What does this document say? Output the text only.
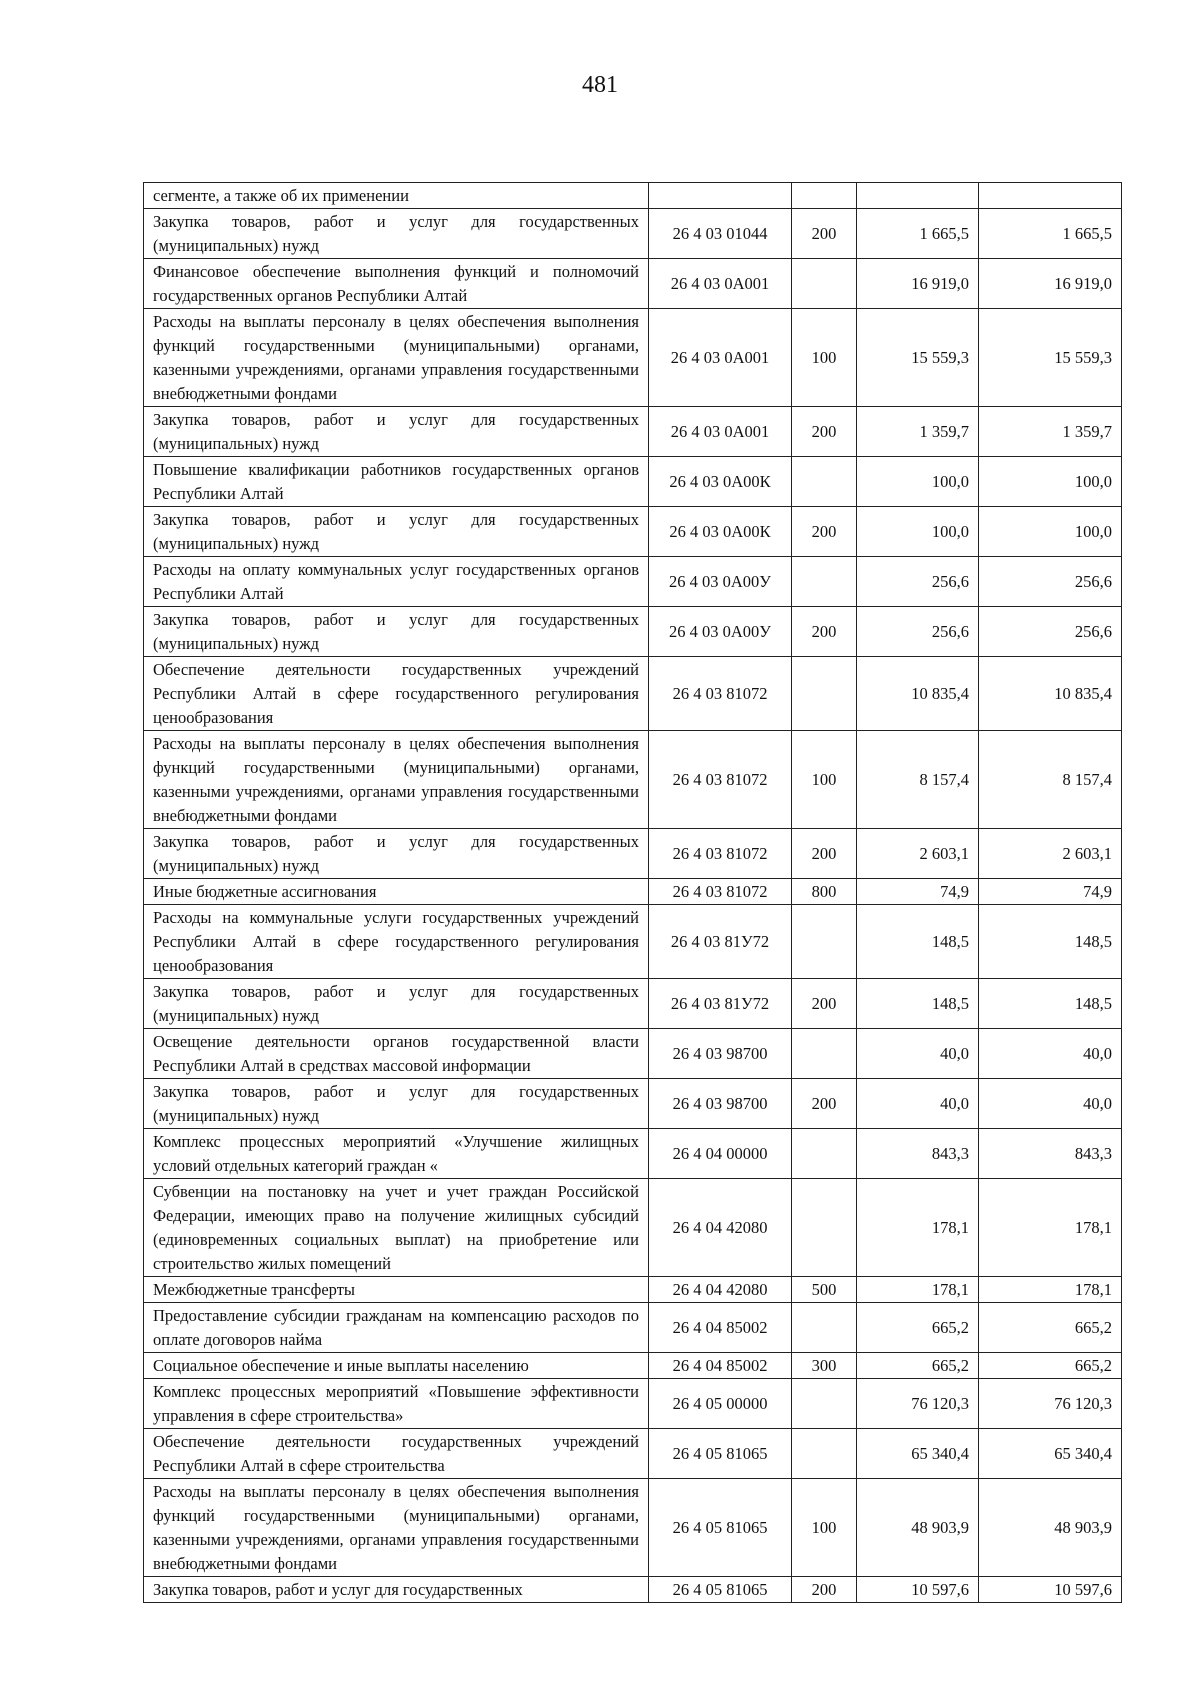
481
сегменте, а также об их применении				
Закупка товаров, работ и услуг для государственных (муниципальных) нужд	26 4 03 01044	200	1 665,5	1 665,5
Финансовое обеспечение выполнения функций и полномочий государственных органов Республики Алтай	26 4 03 0А001		16 919,0	16 919,0
Расходы на выплаты персоналу в целях обеспечения выполнения функций государственными (муниципальными) органами, казенными учреждениями, органами управления государственными внебюджетными фондами	26 4 03 0А001	100	15 559,3	15 559,3
Закупка товаров, работ и услуг для государственных (муниципальных) нужд	26 4 03 0А001	200	1 359,7	1 359,7
Повышение квалификации работников государственных органов Республики Алтай	26 4 03 0А00К		100,0	100,0
Закупка товаров, работ и услуг для государственных (муниципальных) нужд	26 4 03 0А00К	200	100,0	100,0
Расходы на оплату коммунальных услуг государственных органов Республики Алтай	26 4 03 0А00У		256,6	256,6
Закупка товаров, работ и услуг для государственных (муниципальных) нужд	26 4 03 0А00У	200	256,6	256,6
Обеспечение деятельности государственных учреждений Республики Алтай в сфере государственного регулирования ценообразования	26 4 03 81072		10 835,4	10 835,4
Расходы на выплаты персоналу в целях обеспечения выполнения функций государственными (муниципальными) органами, казенными учреждениями, органами управления государственными внебюджетными фондами	26 4 03 81072	100	8 157,4	8 157,4
Закупка товаров, работ и услуг для государственных (муниципальных) нужд	26 4 03 81072	200	2 603,1	2 603,1
Иные бюджетные ассигнования	26 4 03 81072	800	74,9	74,9
Расходы на коммунальные услуги государственных учреждений Республики Алтай в сфере государственного регулирования ценообразования	26 4 03 81У72		148,5	148,5
Закупка товаров, работ и услуг для государственных (муниципальных) нужд	26 4 03 81У72	200	148,5	148,5
Освещение деятельности органов государственной власти Республики Алтай в средствах массовой информации	26 4 03 98700		40,0	40,0
Закупка товаров, работ и услуг для государственных (муниципальных) нужд	26 4 03 98700	200	40,0	40,0
Комплекс процессных мероприятий «Улучшение жилищных условий отдельных категорий граждан «	26 4 04 00000		843,3	843,3
Субвенции на постановку на учет и учет граждан Российской Федерации, имеющих право на получение жилищных субсидий (единовременных социальных выплат) на приобретение или строительство жилых помещений	26 4 04 42080		178,1	178,1
Межбюджетные трансферты	26 4 04 42080	500	178,1	178,1
Предоставление субсидии гражданам на компенсацию расходов по оплате договоров найма	26 4 04 85002		665,2	665,2
Социальное обеспечение и иные выплаты населению	26 4 04 85002	300	665,2	665,2
Комплекс процессных мероприятий «Повышение эффективности управления в сфере строительства»	26 4 05 00000		76 120,3	76 120,3
Обеспечение деятельности государственных учреждений Республики Алтай в сфере строительства	26 4 05 81065		65 340,4	65 340,4
Расходы на выплаты персоналу в целях обеспечения выполнения функций государственными (муниципальными) органами, казенными учреждениями, органами управления государственными внебюджетными фондами	26 4 05 81065	100	48 903,9	48 903,9
Закупка товаров, работ и услуг для государственных	26 4 05 81065	200	10 597,6	10 597,6
